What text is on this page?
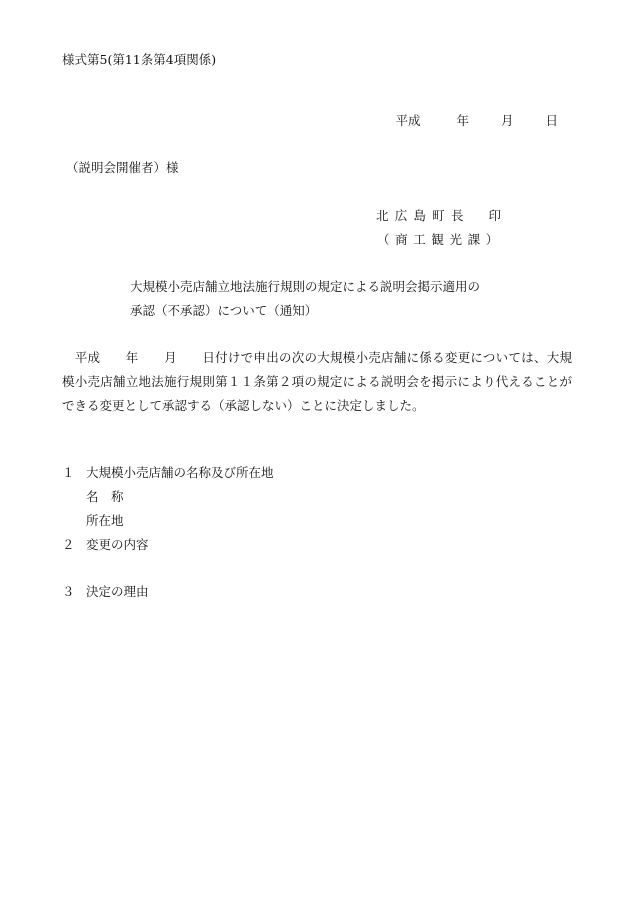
様式第5(第11条第4項関係)
平成	年	月	日
（説明会開催者）様
北広島町長　印
（商工観光課）
大規模小売店舗立地法施行規則の規定による説明会掲示適用の
承認（不承認）について（通知）
　平成　　年　　月　　日付けで申出の次の大規模小売店舗に係る変更については、大規模小売店舗立地法施行規則第１１条第２項の規定による説明会を掲示により代えることができる変更として承認する（承認しない）ことに決定しました。
１ 大規模小売店舗の名称及び所在地
名　称
所在地
２ 変更の内容
３ 決定の理由
